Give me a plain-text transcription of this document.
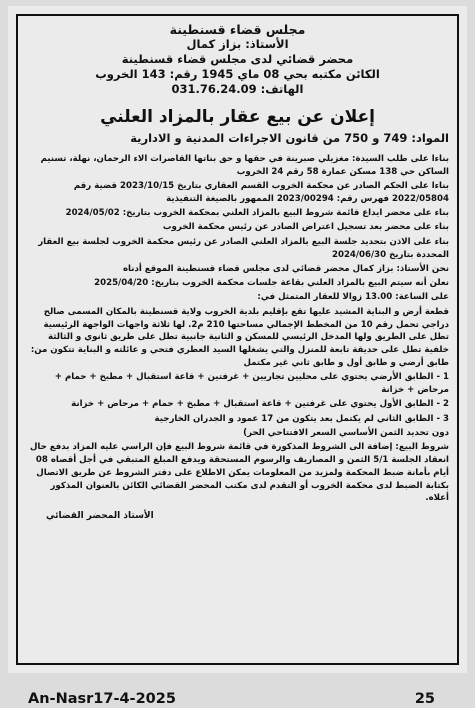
مجلس قضاء قسنطينة
الأستاذ: بزاز كمال
محضر قضائي لدى مجلس قضاء قسنطينة
الكائن مكتبه بحي 08 ماي 1945 رقم: 143 الخروب
الهاتف: 031.76.24.09
إعلان عن بيع عقار بالمزاد العلني
المواد: 749 و 750 من قانون الاجراءات المدنية و الادارية

بناءا على طلب السيدة: مغزيلي صبرينة في حقها و حق بناتها القاصرات الاء الرحمان، نهلة، تسنيم الساكن حي 138 مسكن عمارة 58 رقم 24 الخروب

بناءا على الحكم الصادر عن محكمة الخروب القسم العقاري بتاريخ 2023/10/15 قضية رقم 2022/05804 فهرس رقم: 2023/00294 الممهور بالصيغة التنفيذية

بناء على محضر ايداع قائمة شروط البيع بالمزاد العلني بمحكمة الخروب بتاريخ: 2024/05/02

بناء على محضر بعد تسجيل اعتراض الصادر عن رئيس محكمة الخروب

بناء على الاذن بتحديد جلسة البيع بالمزاد العلني الصادر عن رئيس محكمة الخروب لجلسة بيع العقار المحددة بتاريخ 2024/06/30

نحن الأستاذ: بزاز كمال محضر قضائي لدى مجلس قضاء قسنطينة الموقع أدناه

نعلن أنه سيتم البيع بالمزاد العلني بقاعة جلسات محكمة الخروب بتاريخ: 2025/04/20

على الساعة: 13.00 زوالا للعقار المتمثل في:

قطعة أرض و البناية المشيد عليها تقع بإقليم بلدية الخروب ولاية قسنطينة بالمكان المسمى صالح دراجي تحمل رقم 10 من المخطط الإجمالي مساحتها 210 م2. لها ثلاثة واجهات الواجهة الرئيسية تطل على الطريق ولها المدخل الرئيسي للمسكن و الثانية جانبية تطل على طريق ثانوي و الثالثة خلفية تطل على حديقة تابعة للمنزل والتي يشغلها السيد العطري فتحي و عائلته و البناية تتكون من: طابق أرضي و طابق أول و طابق ثاني غير مكتمل

1 - الطابق الأرضي يحتوي على محليين تجاريين + غرفتين + قاعة استقبال + مطبخ + حمام + مرحاض + خزانة

2 - الطابق الأول يحتوي على غرفتين + قاعة استقبال + مطبخ + حمام + مرحاض + خزانة

3 - الطابق الثاني لم يكتمل بعد يتكون من 17 عمود و الجدران الخارجية

دون تحديد الثمن الأساسي السعر الافتتاحي الحر)

شروط البيع: إضافة الى الشروط المذكورة في قائمة شروط البيع فإن الراسي عليه المزاد بدفع حال انعقاد الجلسة 5/1 الثمن و المصاريف والرسوم المستحقة ويدفع المبلغ المتبقي في أجل أقصاه 08 أيام بأمانة ضبط المحكمة ولمزيد من المعلومات يمكن الاطلاع على دفتر الشروط عن طريق الاتصال بكتابة الضبط لدى محكمة الخروب أو التقدم لدى مكتب المحضر القضائي الكائن بالعنوان المذكور أعلاه.

الأستاذ المحضر القضائي
An-Nasr17-4-2025	25
